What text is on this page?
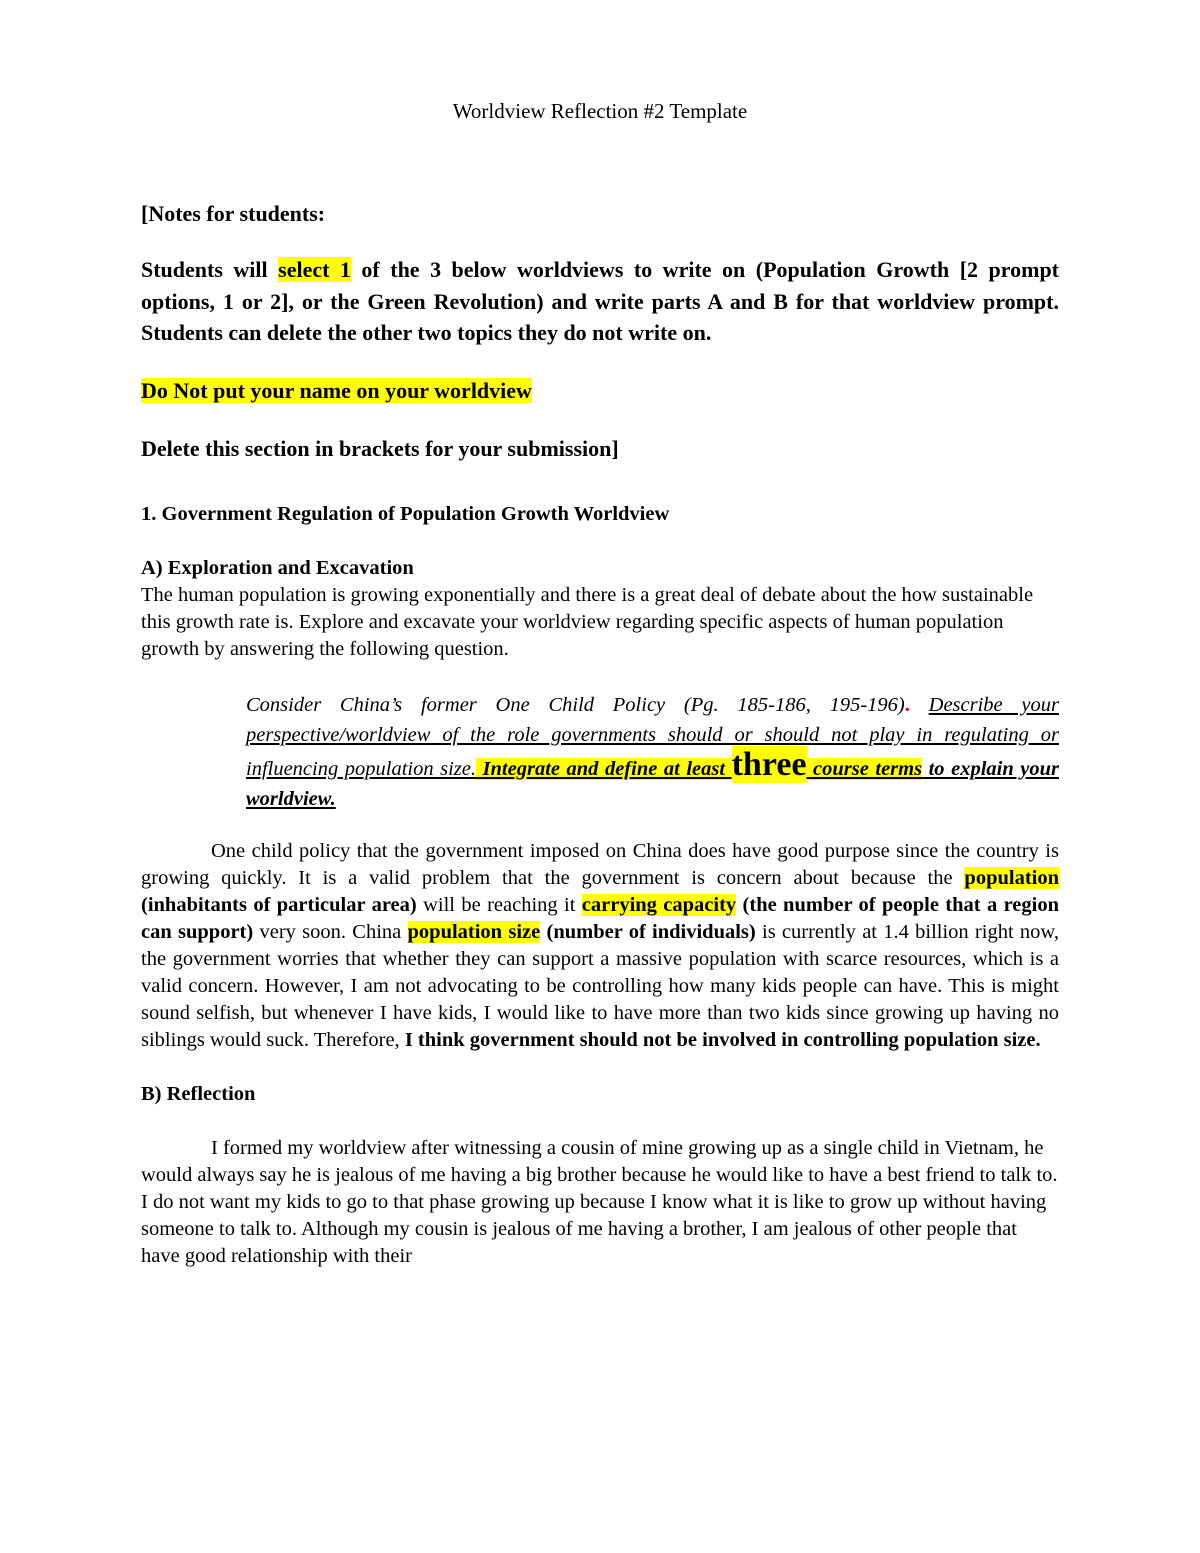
Worldview Reflection #2 Template
[Notes for students:
Students will select 1 of the 3 below worldviews to write on (Population Growth [2 prompt options, 1 or 2], or the Green Revolution) and write parts A and B for that worldview prompt. Students can delete the other two topics they do not write on.
Do Not put your name on your worldview
Delete this section in brackets for your submission]
1. Government Regulation of Population Growth Worldview
A) Exploration and Excavation
The human population is growing exponentially and there is a great deal of debate about the how sustainable this growth rate is. Explore and excavate your worldview regarding specific aspects of human population growth by answering the following question.
Consider China’s former One Child Policy (Pg. 185-186, 195-196). Describe your perspective/worldview of the role governments should or should not play in regulating or influencing population size. Integrate and define at least three course terms to explain your worldview.
One child policy that the government imposed on China does have good purpose since the country is growing quickly. It is a valid problem that the government is concern about because the population (inhabitants of particular area) will be reaching it carrying capacity (the number of people that a region can support) very soon. China population size (number of individuals) is currently at 1.4 billion right now, the government worries that whether they can support a massive population with scarce resources, which is a valid concern. However, I am not advocating to be controlling how many kids people can have. This is might sound selfish, but whenever I have kids, I would like to have more than two kids since growing up having no siblings would suck. Therefore, I think government should not be involved in controlling population size.
B) Reflection
I formed my worldview after witnessing a cousin of mine growing up as a single child in Vietnam, he would always say he is jealous of me having a big brother because he would like to have a best friend to talk to. I do not want my kids to go to that phase growing up because I know what it is like to grow up without having someone to talk to. Although my cousin is jealous of me having a brother, I am jealous of other people that have good relationship with their
